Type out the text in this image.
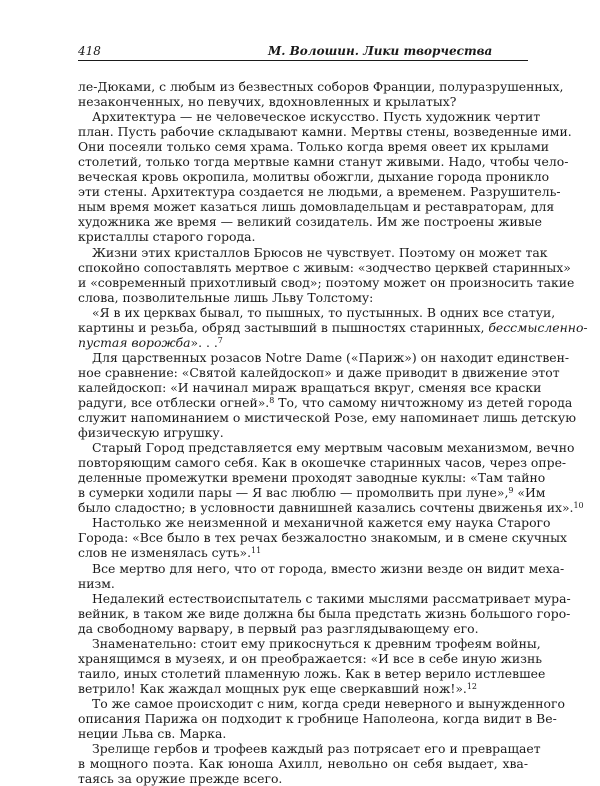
418	М. Волошин. Лики творчества
ле-Дюками, с любым из безвестных соборов Франции, полуразрушенных,
незаконченных, но певучих, вдохновленных и крылатых?
Архитектура — не человеческое искусство. Пусть художник чертит
план. Пусть рабочие складывают камни. Мертвы стены, возведенные ими.
Они посеяли только семя храма. Только когда время овеет их крылами
столетий, только тогда мертвые камни станут живыми. Надо, чтобы чело-
веческая кровь окропила, молитвы обожгли, дыхание города проникло
эти стены. Архитектура создается не людьми, а временем. Разрушитель-
ным время может казаться лишь домовладельцам и реставраторам, для
художника же время — великий созидатель. Им же построены живые
кристаллы старого города.
Жизни этих кристаллов Брюсов не чувствует. Поэтому он может так
спокойно сопоставлять мертвое с живым: «зодчество церквей старинных»
и «современный прихотливый свод»; поэтому может он произносить такие
слова, позволительные лишь Льву Толстому:
«Я в их церквах бывал, то пышных, то пустынных. В одних все статуи,
картины и резьба, обряд застывший в пышностях старинных, бессмысленно-
пустая ворожба». . .$^7$
Для царственных розасов Notre Dame («Париж») он находит единствен-
ное сравнение: «Святой калейдоскоп» и даже приводит в движение этот
калейдоскоп: «И начинал мираж вращаться вкруг, сменяя все краски
радуги, все отблески огней».$^8$ То, что самому ничтожному из детей города
служит напоминанием о мистической Розе, ему напоминает лишь детскую
физическую игрушку.
Старый Город представляется ему мертвым часовым механизмом, вечно
повторяющим самого себя. Как в окошечке старинных часов, через опре-
деленные промежутки времени проходят заводные куклы: «Там тайно
в сумерки ходили пары — Я вас люблю — промолвить при луне»,$^9$ «Им
было сладостно; в условности давнишней казались сочтены движенья их».$^{10}$
Настолько же неизменной и механичной кажется ему наука Старого
Города: «Все было в тех речах безжалостно знакомым, и в смене скучных
слов не изменялась суть».$^{11}$
Все мертво для него, что от города, вместо жизни везде он видит меха-
низм.
Недалекий естествоиспытатель с такими мыслями рассматривает мура-
вейник, в таком же виде должна бы была предстать жизнь большого горо-
да свободному варвару, в первый раз разглядывающему его.
Знаменательно: стоит ему прикоснуться к древним трофеям войны,
хранящимся в музеях, и он преображается: «И все в себе иную жизнь
таило, иных столетий пламенную ложь. Как в ветер верило истлевшее
ветрило! Как жаждал мощных рук еще сверкавший нож!».$^{12}$
То же самое происходит с ним, когда среди неверного и вынужденного
описания Парижа он подходит к гробнице Наполеона, когда видит в Ве-
неции Льва св. Марка.
Зрелище гербов и трофеев каждый раз потрясает его и превращает
в мощного поэта. Как юноша Ахилл, невольно он себя выдает, хва-
таясь за оружие прежде всего.
